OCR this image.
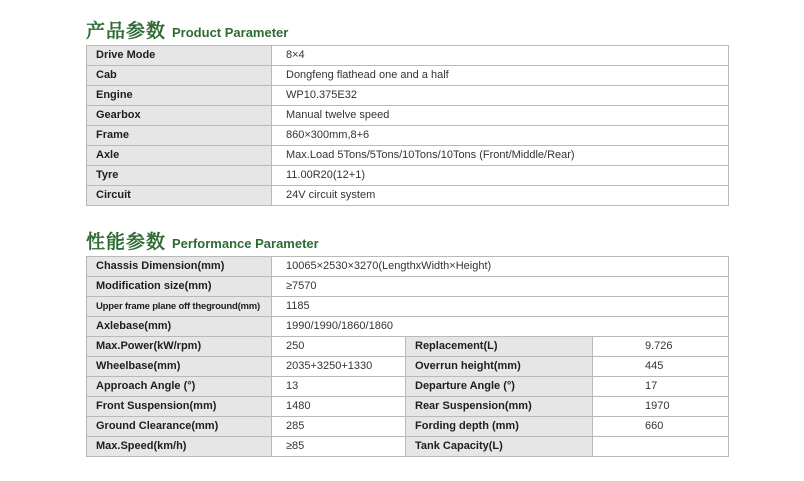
产品参数 Product Parameter
Drive Mode	8×4
Cab	Dongfeng flathead one and a half
Engine	WP10.375E32
Gearbox	Manual twelve speed
Frame	860×300mm,8+6
Axle	Max.Load 5Tons/5Tons/10Tons/10Tons (Front/Middle/Rear)
Tyre	11.00R20(12+1)
Circuit	24V circuit system
性能参数 Performance Parameter
Chassis Dimension(mm)	10065×2530×3270(LengthxWidth×Height)		
Modification size(mm)	≥7570		
Upper frame plane off theground(mm)	1185		
Axlebase(mm)	1990/1990/1860/1860		
Max.Power(kW/rpm)	250	Replacement(L)	9.726
Wheelbase(mm)	2035+3250+1330	Overrun height(mm)	445
Approach Angle (°)	13	Departure Angle (°)	17
Front Suspension(mm)	1480	Rear Suspension(mm)	1970
Ground Clearance(mm)	285	Fording depth (mm)	660
Max.Speed(km/h)	≥85	Tank Capacity(L)	
